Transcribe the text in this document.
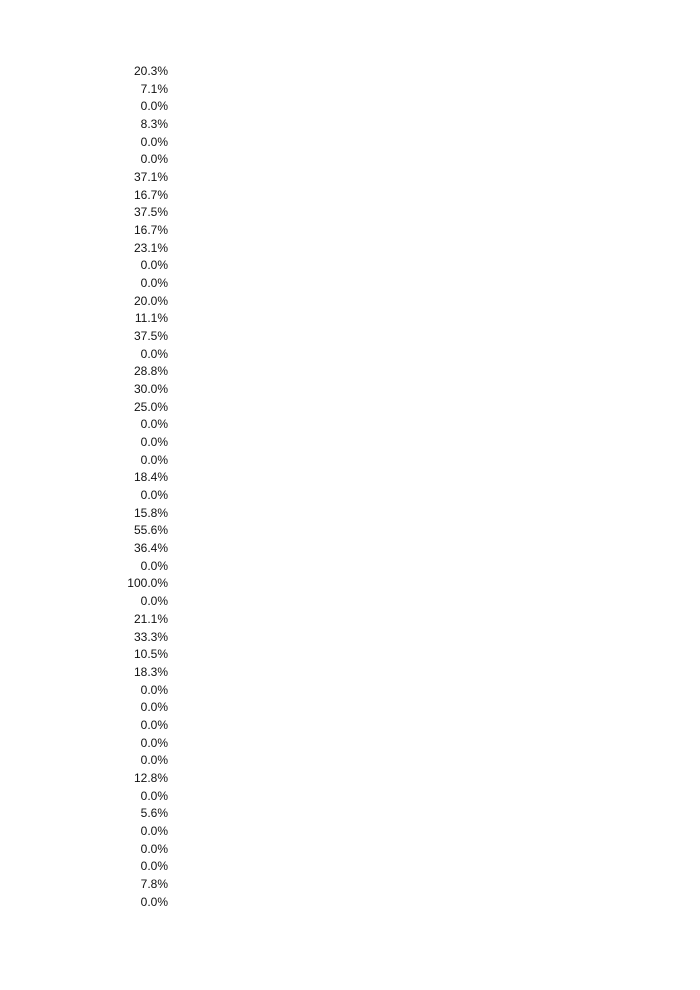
20.3%
7.1%
0.0%
8.3%
0.0%
0.0%
37.1%
16.7%
37.5%
16.7%
23.1%
0.0%
0.0%
20.0%
11.1%
37.5%
0.0%
28.8%
30.0%
25.0%
0.0%
0.0%
0.0%
18.4%
0.0%
15.8%
55.6%
36.4%
0.0%
100.0%
0.0%
21.1%
33.3%
10.5%
18.3%
0.0%
0.0%
0.0%
0.0%
0.0%
12.8%
0.0%
5.6%
0.0%
0.0%
0.0%
7.8%
0.0%
